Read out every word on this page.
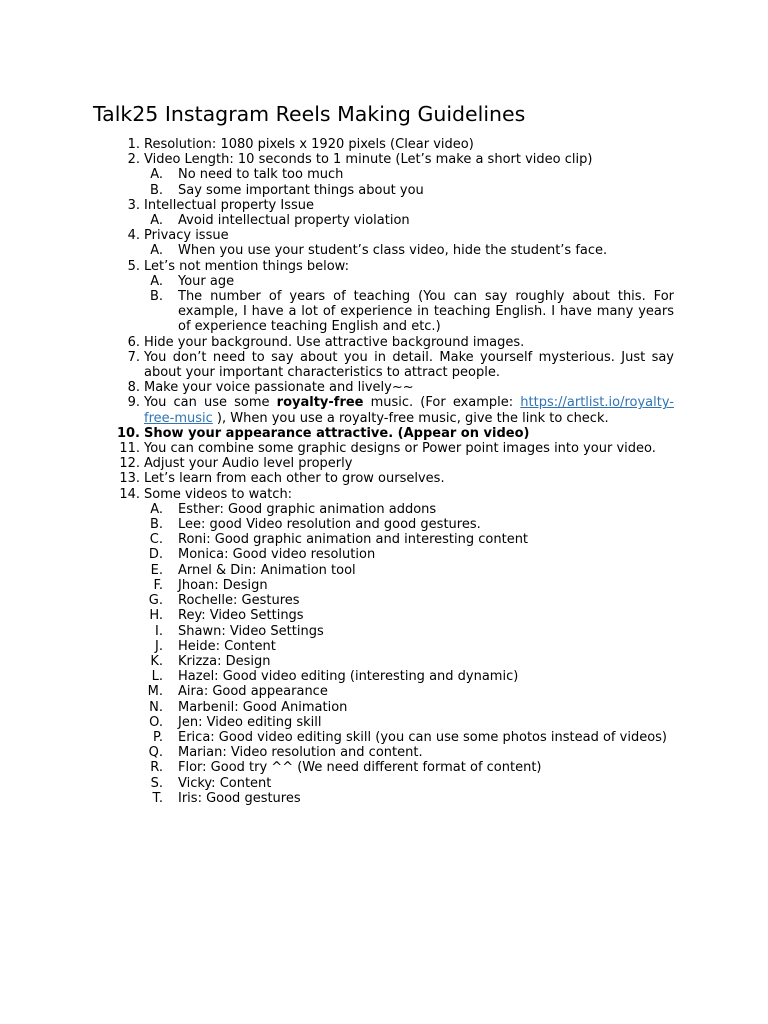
Talk25 Instagram Reels Making Guidelines
1. Resolution: 1080 pixels x 1920 pixels (Clear video)
2. Video Length: 10 seconds to 1 minute (Let’s make a short video clip)
A. No need to talk too much
B. Say some important things about you
3. Intellectual property Issue
A. Avoid intellectual property violation
4. Privacy issue
A. When you use your student’s class video, hide the student’s face.
5. Let’s not mention things below:
A. Your age
B. The number of years of teaching (You can say roughly about this. For example, I have a lot of experience in teaching English. I have many years of experience teaching English and etc.)
6. Hide your background. Use attractive background images.
7. You don’t need to say about you in detail. Make yourself mysterious. Just say about your important characteristics to attract people.
8. Make your voice passionate and lively~~
9. You can use some royalty-free music. (For example: https://artlist.io/royalty-free-music ), When you use a royalty-free music, give the link to check.
10. Show your appearance attractive. (Appear on video)
11. You can combine some graphic designs or Power point images into your video.
12. Adjust your Audio level properly
13. Let’s learn from each other to grow ourselves.
14. Some videos to watch:
A. Esther: Good graphic animation addons
B. Lee: good Video resolution and good gestures.
C. Roni: Good graphic animation and interesting content
D. Monica: Good video resolution
E. Arnel & Din: Animation tool
F. Jhoan: Design
G. Rochelle: Gestures
H. Rey: Video Settings
I. Shawn: Video Settings
J. Heide: Content
K. Krizza: Design
L. Hazel: Good video editing (interesting and dynamic)
M. Aira: Good appearance
N. Marbenil: Good Animation
O. Jen: Video editing skill
P. Erica: Good video editing skill (you can use some photos instead of videos)
Q. Marian: Video resolution and content.
R. Flor: Good try ^^ (We need different format of content)
S. Vicky: Content
T. Iris: Good gestures
